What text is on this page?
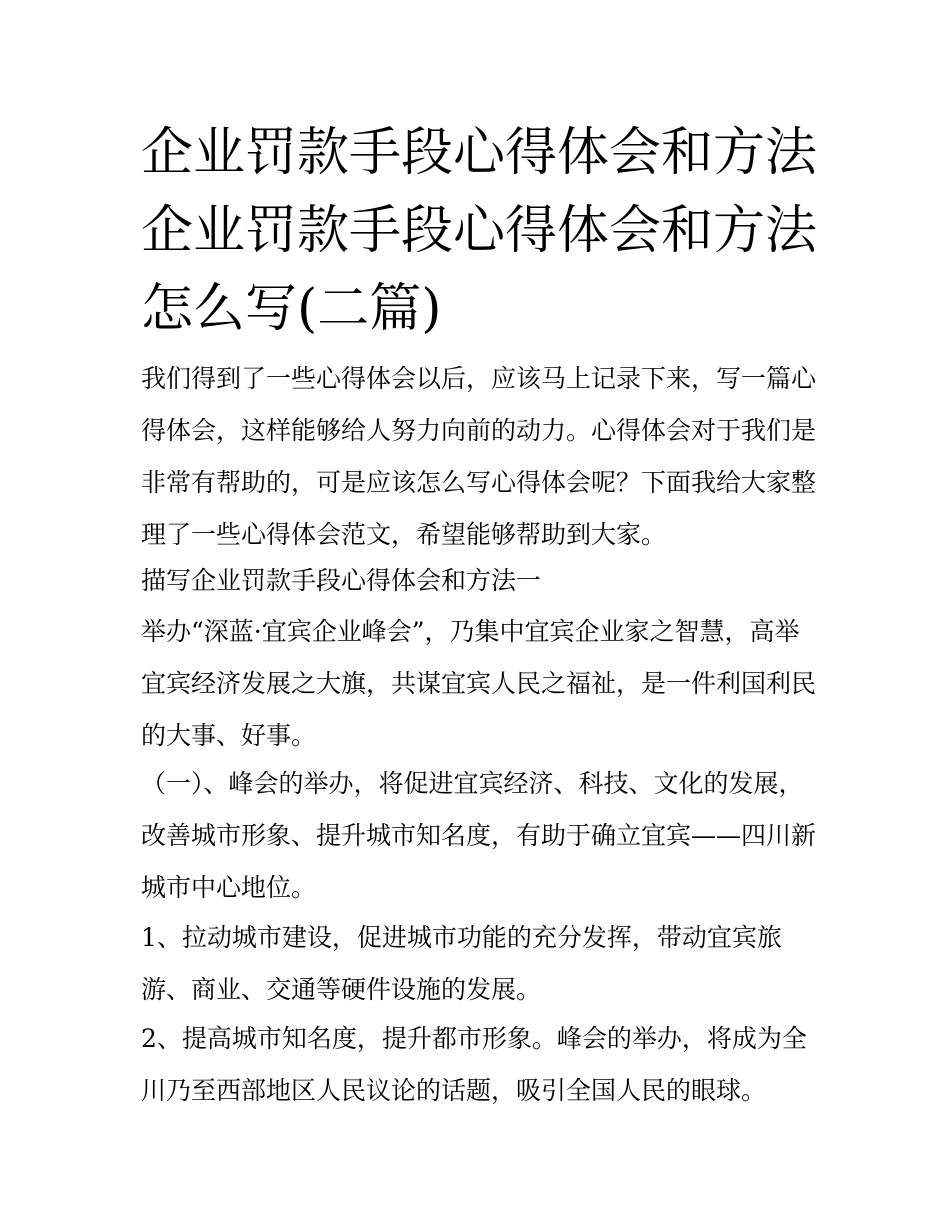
企业罚款手段心得体会和方法
企业罚款手段心得体会和方法
怎么写(二篇)

我们得到了一些心得体会以后，应该马上记录下来，写一篇心
得体会，这样能够给人努力向前的动力。心得体会对于我们是
非常有帮助的，可是应该怎么写心得体会呢？下面我给大家整
理了一些心得体会范文，希望能够帮助到大家。

描写企业罚款手段心得体会和方法一

举办“深蓝·宜宾企业峰会”，乃集中宜宾企业家之智慧，高举
宜宾经济发展之大旗，共谋宜宾人民之福祉，是一件利国利民
的大事、好事。

（一）、峰会的举办，将促进宜宾经济、科技、文化的发展，
改善城市形象、提升城市知名度，有助于确立宜宾——四川新
城市中心地位。

1、拉动城市建设，促进城市功能的充分发挥，带动宜宾旅
游、商业、交通等硬件设施的发展。

2、提高城市知名度，提升都市形象。峰会的举办，将成为全
川乃至西部地区人民议论的话题，吸引全国人民的眼球。
